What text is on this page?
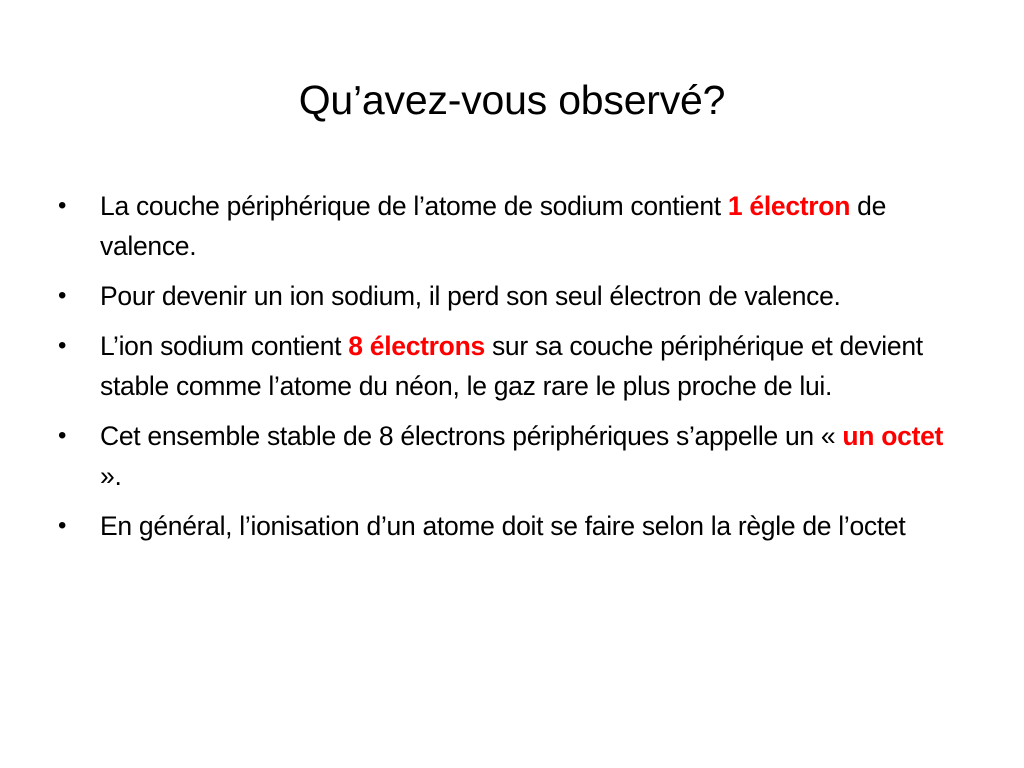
Qu’avez-vous observé?
•	La couche périphérique de l’atome de sodium contient 1 électron de valence.
•	Pour devenir un ion sodium, il perd son seul électron de valence.
•	L’ion sodium contient 8 électrons sur sa couche périphérique et devient stable comme l’atome du néon, le gaz rare le plus proche de lui.
•	Cet ensemble stable de 8 électrons périphériques s’appelle un « un octet ».
•	En général, l’ionisation d’un atome doit se faire selon la règle de l’octet
